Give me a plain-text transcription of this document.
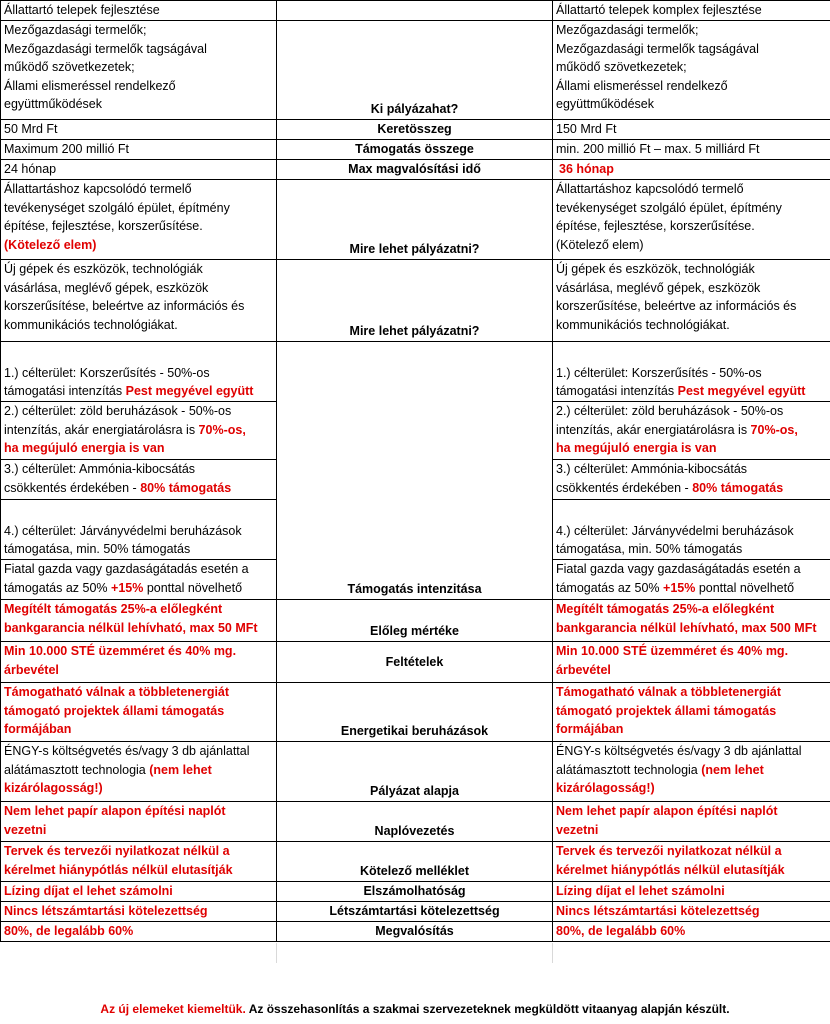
Állattartó telepek fejlesztése		Állattartó telepek komplex fejlesztése

Mezőgazdasági termelők;
Mezőgazdasági termelők tagságával
működő szövetkezetek;
Állami elismeréssel rendelkező
együttműködések	Ki pályázahat?	Mezőgazdasági termelők;
Mezőgazdasági termelők tagságával
működő szövetkezetek;
Állami elismeréssel rendelkező
együttműködések

50 Mrd Ft	Keretösszeg	150 Mrd Ft
Maximum 200 millió Ft	Támogatás összege	min. 200 millió Ft – max. 5 milliárd Ft
24 hónap	Max magvalósítási idő	36 hónap

Állattartáshoz kapcsolódó termelő
tevékenységet szolgáló épület, építmény
építése, fejlesztése, korszerűsítése.
(Kötelező elem)	Mire lehet pályázatni?	Állattartáshoz kapcsolódó termelő
tevékenységet szolgáló épület, építmény
építése, fejlesztése, korszerűsítése.
(Kötelező elem)

Új gépek és eszközök, technológiák
vásárlása, meglévő gépek, eszközök
korszerűsítése, beleértve az információs és
kommunikációs technológiákat.	Mire lehet pályázatni?	Új gépek és eszközök, technológiák
vásárlása, meglévő gépek, eszközök
korszerűsítése, beleértve az információs és
kommunikációs technológiákat.

1.) célterület: Korszerűsítés - 50%-os
támogatási intenzítás Pest megyével együtt	Támogatás intenzitása	1.) célterület: Korszerűsítés - 50%-os
támogatási intenzítás Pest megyével együtt

2.) célterület: zöld beruházások - 50%-os
intenzítás, akár energiatárolásra is 70%-os,
ha megújuló energia is van		2.) célterület: zöld beruházások - 50%-os
intenzítás, akár energiatárolásra is 70%-os,
ha megújuló energia is van

3.) célterület: Ammónia-kibocsátás
csökkentés érdekében - 80% támogatás		3.) célterület: Ammónia-kibocsátás
csökkentés érdekében - 80% támogatás

4.) célterület: Járványvédelmi beruházások
támogatása, min. 50% támogatás		4.) célterület: Járványvédelmi beruházások
támogatása, min. 50% támogatás

Fiatal gazda vagy gazdaságátadás esetén a
támogatás az 50% +15% ponttal növelhető		Fiatal gazda vagy gazdaságátadás esetén a
támogatás az 50% +15% ponttal növelhető

Megítélt támogatás 25%-a előlegként
bankgarancia nélkül lehívható, max 50 MFt	Előleg mértéke	Megítélt támogatás 25%-a előlegként
bankgarancia nélkül lehívható, max 500 MFt

Min 10.000 STÉ üzemméret és 40% mg.
árbevétel	Feltételek	Min 10.000 STÉ üzemméret és 40% mg.
árbevétel

Támogatható válnak a többletenergiát
támogató projektek állami támogatás
formájában	Energetikai beruházások	Támogatható válnak a többletenergiát
támogató projektek állami támogatás
formájában

ÉNGY-s költségvetés és/vagy 3 db ajánlattal
alátámasztott technologia (nem lehet
kizárólagosság!)	Pályázat alapja	ÉNGY-s költségvetés és/vagy 3 db ajánlattal
alátámasztott technologia (nem lehet
kizárólagosság!)

Nem lehet papír alapon építési naplót
vezetni	Naplóvezetés	Nem lehet papír alapon építési naplót
vezetni

Tervek és tervezői nyilatkozat nélkül a
kérelmet hiánypótlás nélkül elutasítják	Kötelező melléklet	Tervek és tervezői nyilatkozat nélkül a
kérelmet hiánypótlás nélkül elutasítják

Lízing díjat el lehet számolni	Elszámolhatóság	Lízing díjat el lehet számolni
Nincs létszámtartási kötelezettség	Létszámtartási kötelezettség	Nincs létszámtartási kötelezettség
80%, de legalább 60%	Megvalósítás	80%, de legalább 60%
Az új elemeket kiemeltük. Az összehasonlítás a szakmai szervezeteknek megküldött vitaanyag alapján készült.
